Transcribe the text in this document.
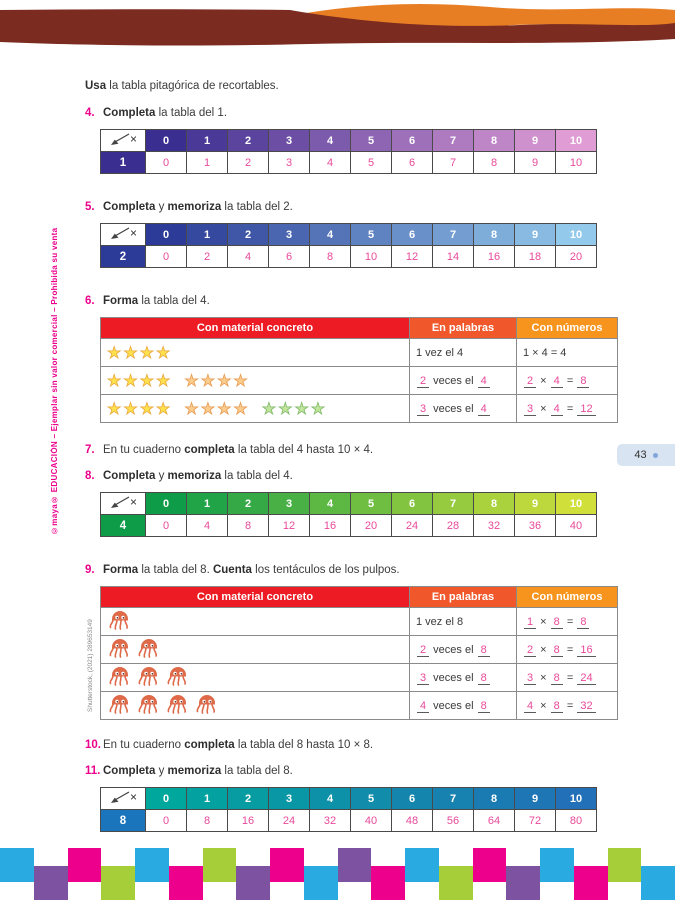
©maya® EDUCACIÓN – Ejemplar sin valor comercial – Prohibida su venta	43

Usa la tabla pitagórica de recortables.

4. Completa la tabla del 1.
×	0	1	2	3	4	5	6	7	8	9	10
1	0	1	2	3	4	5	6	7	8	9	10
5. Completa y memoriza la tabla del 2.
×	0	1	2	3	4	5	6	7	8	9	10
2	0	2	4	6	8	10	12	14	16	18	20
6. Forma la tabla del 4.
Con material concreto	En palabras	Con números
★★★★	1 vez el 4	1 × 4 = 4
★★★★ ★★★★	2 veces el 4	2 × 4 = 8
★★★★ ★★★★ ★★★★	3 veces el 4	3 × 4 = 12
7. En tu cuaderno completa la tabla del 4 hasta 10 × 4.
8. Completa y memoriza la tabla del 4.
×	0	1	2	3	4	5	6	7	8	9	10
4	0	4	8	12	16	20	24	28	32	36	40
9. Forma la tabla del 8. Cuenta los tentáculos de los pulpos.
Shutterstock, (2021) 289653149
Con material concreto	En palabras	Con números
	1 vez el 8	1 × 8 = 8
	2 veces el 8	2 × 8 = 16
	3 veces el 8	3 × 8 = 24
	4 veces el 8	4 × 8 = 32
10. En tu cuaderno completa la tabla del 8 hasta 10 × 8.
11. Completa y memoriza la tabla del 8.
×	0	1	2	3	4	5	6	7	8	9	10
8	0	8	16	24	32	40	48	56	64	72	80
